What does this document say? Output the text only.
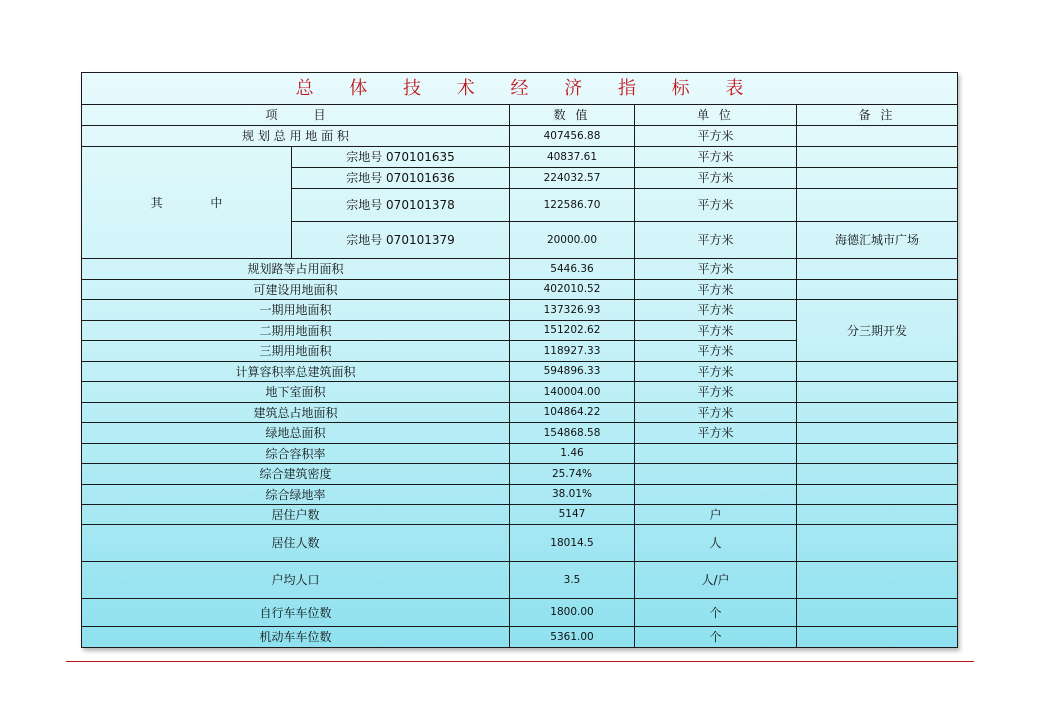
总 体 技 术 经 济 指 标 表
项目	数 值	单 位	备 注
规 划 总 用 地 面 积	407456.88	平方米
其 中
宗地号 070101635	40837.61	平方米
宗地号 070101636	224032.57	平方米
宗地号 070101378	122586.70	平方米
宗地号 070101379	20000.00	平方米	海德汇城市广场
规划路等占用面积	5446.36	平方米
可建设用地面积	402010.52	平方米
一期用地面积	137326.93	平方米
分三期开发
二期用地面积	151202.62	平方米
三期用地面积	118927.33	平方米
计算容积率总建筑面积	594896.33	平方米
地下室面积	140004.00	平方米
建筑总占地面积	104864.22	平方米
绿地总面积	154868.58	平方米
综合容积率	1.46
综合建筑密度	25.74%
综合绿地率	38.01%
居住户数	5147	户
居住人数	18014.5	人
户均人口	3.5	人/户
自行车车位数	1800.00	个
机动车车位数	5361.00	个
